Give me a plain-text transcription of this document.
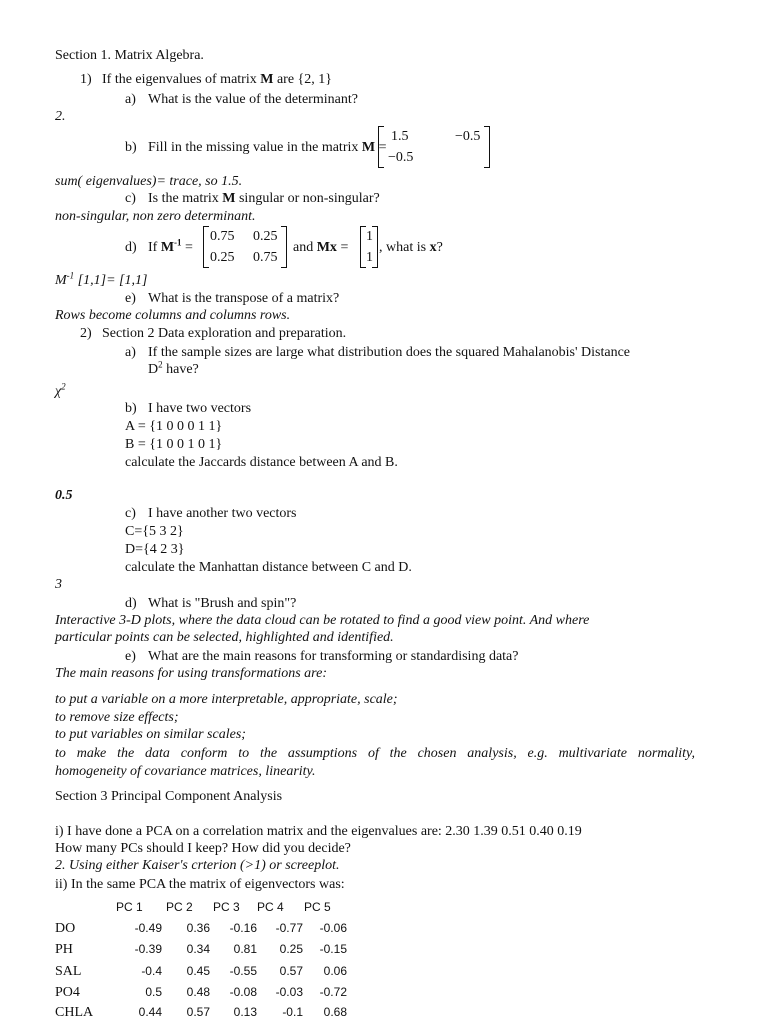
Section 1. Matrix Algebra.
1) If the eigenvalues of matrix M are {2, 1}
a) What is the value of the determinant?
2.
b) Fill in the missing value in the matrix M =
1.5	−0.5
−0.5
sum( eigenvalues)= trace, so 1.5.
c) Is the matrix M singular or non-singular?
non-singular, non zero determinant.
d) If $M^{-1}$ =
0.75 0.25
0.25 0.75
and Mx =
1
1
, what is x?
$M^{-1}$ [1,1]= [1,1]
e) What is the transpose of a matrix?
Rows become columns and columns rows.
2) Section 2 Data exploration and preparation.
a) If the sample sizes are large what distribution does the squared Mahalanobis' Distance
$D^2$ have?
$\chi^2$
b) I have two vectors
A = {1 0 0 0 1 1}
B = {1 0 0 1 0 1}
calculate the Jaccards distance between A and B.
0.5
c) I have another two vectors
C={5 3 2}
D={4 2 3}
calculate the Manhattan distance between C and D.
3
d) What is "Brush and spin"?
Interactive 3-D plots, where the data cloud can be rotated to find a good view point. And where
particular points can be selected, highlighted and identified.
e) What are the main reasons for transforming or standardising data?
The main reasons for using transformations are:
to put a variable on a more interpretable, appropriate, scale;
to remove size effects;
to put variables on similar scales;
to make the data conform to the assumptions of the chosen analysis, e.g. multivariate normality,
homogeneity of covariance matrices, linearity.
Section 3 Principal Component Analysis
i) I have done a PCA on a correlation matrix and the eigenvalues are: 2.30 1.39 0.51 0.40 0.19
How many PCs should I keep? How did you decide?
2. Using either Kaiser's crterion (>1) or screeplot.
ii) In the same PCA the matrix of eigenvectors was:
PC 1 PC 2 PC 3 PC 4 PC 5
DO	-0.49	0.36	-0.16	-0.77	-0.06
PH	-0.39	0.34	0.81	0.25	-0.15
SAL	-0.4	0.45	-0.55	0.57	0.06
PO4	0.5	0.48	-0.08	-0.03	-0.72
CHLA	0.44	0.57	0.13	-0.1	0.68
